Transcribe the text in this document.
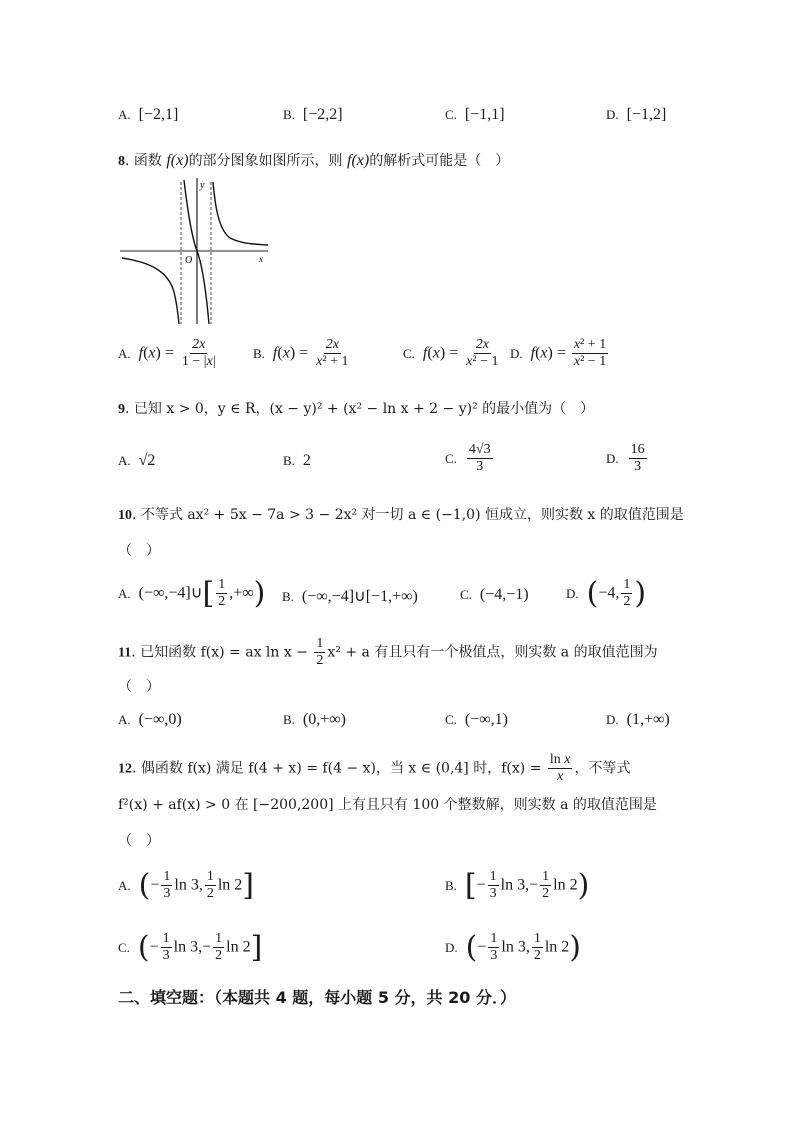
A. [−2,1]	B. [−2,2]	C. [−1,1]	D. [−1,2]
8. 函数 f(x)的部分图象如图所示，则 f(x)的解析式可能是（　）
y
x
O
A. $f(x) = \frac{2x}{1 - |x|}$	B. $f(x) = \frac{2x}{\text{x² + 1}}$	C. $f(x) = \frac{2x}{\text{x² − 1}} D$. $f(x) = \frac{\text{x² + 1}}{\text{x² − 1}}$
9. 已知 x > 0，y ∈ R，(x − y)² + (x² − ln x + 2 − y)² 的最小值为（　）
A. √2	B. 2	C. $\frac{4√3}{3}$	D. $\frac{16}{3}$
10. 不等式 ax² + 5x − 7a > 3 − 2x² 对一切 a ∈ (−1,0) 恒成立，则实数 x 的取值范围是
（　）
A. (−∞,−4]∪[ $\frac{1}{2}$ ,+∞) B. (−∞,−4]∪[−1,+∞)	C. (−4,−1)	D. (−4, $\frac{1}{2}$ )
11. 已知函数 f(x) = ax $\ln x - \frac{1}{2} x^2 + a$ 有且只有一个极值点，则实数 a 的取值范围为
（　）
A. (−∞,0)	B. (0,+∞)	C. (−∞,1)	D. (1,+∞)
12. 偶函数 f(x) 满足 f(4 + x) = f(4 − x)，当 x ∈ (0,4] 时，$f(x) = \frac{\text{ln x}}{x}$ ，不等式
f²(x) + af(x) > 0 在 [−200,200] 上有且只有 100 个整数解，则实数 a 的取值范围是
（　）
A. (− $\frac{1}{3}$ ln 3, $\frac{1}{2}$ ln 2]	B. [− $\frac{1}{3}$ $\ln 3,- \frac{1}{2}$ ln 2)
C. (− $\frac{1}{3}$ $\ln 3,- \frac{1}{2}$ ln 2]	D. (− $\frac{1}{3}$ ln 3, $\frac{1}{2}$ ln 2)
二、填空题：（本题共 4 题，每小题 5 分，共 20 分．）
